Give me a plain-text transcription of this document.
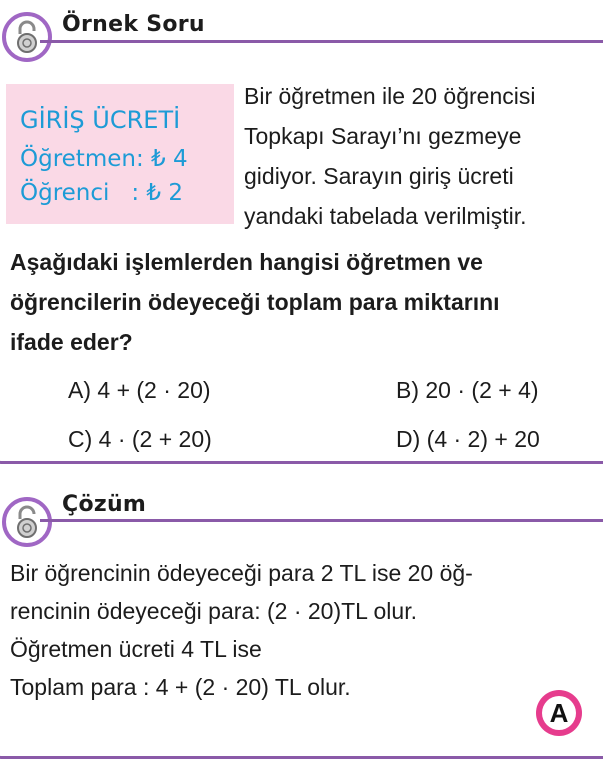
Örnek Soru
GİRİŞ ÜCRETİ
Öğretmen: ₺ 4
Öğrenci   : ₺ 2
Bir öğretmen ile 20 öğrencisi
Topkapı Sarayı’nı gezmeye
gidiyor. Sarayın giriş ücreti
yandaki tabelada verilmiştir.
Aşağıdaki işlemlerden hangisi öğretmen ve
öğrencilerin ödeyeceği toplam para miktarını
ifade eder?
A) 4 + (2 · 20)	B) 20 · (2 + 4)
C) 4 · (2 + 20)	D) (4 · 2) + 20
Çözüm
Bir öğrencinin ödeyeceği para 2 TL ise 20 öğ-
rencinin ödeyeceği para: (2 · 20)TL olur.
Öğretmen ücreti 4 TL ise
Toplam para : 4 + (2 · 20) TL olur.
A
